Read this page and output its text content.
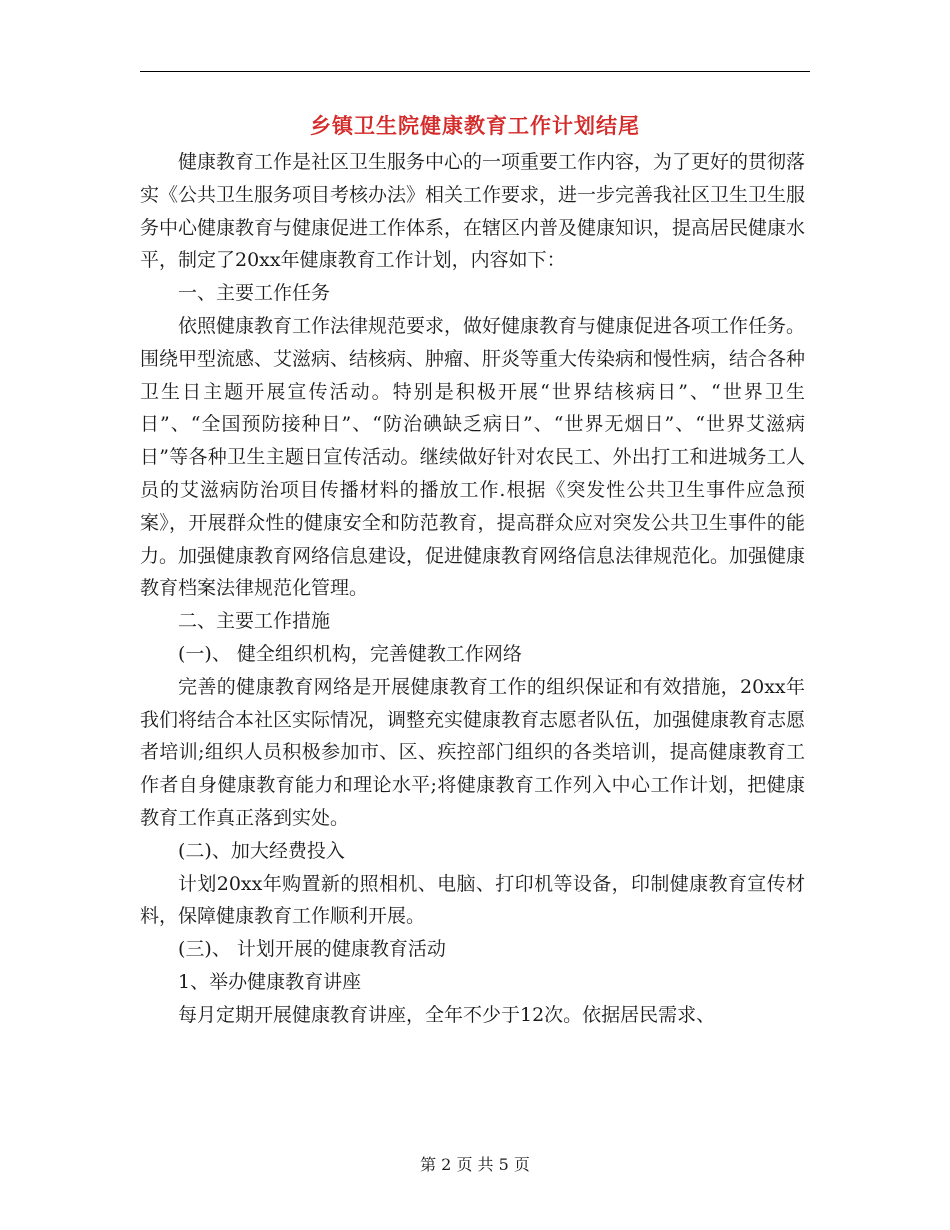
乡镇卫生院健康教育工作计划结尾

健康教育工作是社区卫生服务中心的一项重要工作内容，为了更好的贯彻落实《公共卫生服务项目考核办法》相关工作要求，进一步完善我社区卫生卫生服务中心健康教育与健康促进工作体系，在辖区内普及健康知识，提高居民健康水平，制定了20xx年健康教育工作计划，内容如下：

一、主要工作任务

依照健康教育工作法律规范要求，做好健康教育与健康促进各项工作任务。围绕甲型流感、艾滋病、结核病、肿瘤、肝炎等重大传染病和慢性病，结合各种卫生日主题开展宣传活动。特别是积极开展“世界结核病日”、“世界卫生日”、“全国预防接种日”、“防治碘缺乏病日”、“世界无烟日”、“世界艾滋病日”等各种卫生主题日宣传活动。继续做好针对农民工、外出打工和进城务工人员的艾滋病防治项目传播材料的播放工作.根据《突发性公共卫生事件应急预案》，开展群众性的健康安全和防范教育，提高群众应对突发公共卫生事件的能力。加强健康教育网络信息建设，促进健康教育网络信息法律规范化。加强健康教育档案法律规范化管理。

二、主要工作措施

(一)、 健全组织机构，完善健教工作网络

完善的健康教育网络是开展健康教育工作的组织保证和有效措施，20xx年我们将结合本社区实际情况，调整充实健康教育志愿者队伍，加强健康教育志愿者培训;组织人员积极参加市、区、疾控部门组织的各类培训，提高健康教育工作者自身健康教育能力和理论水平;将健康教育工作列入中心工作计划，把健康教育工作真正落到实处。

(二)、加大经费投入

计划20xx年购置新的照相机、电脑、打印机等设备，印制健康教育宣传材料，保障健康教育工作顺利开展。

(三)、 计划开展的健康教育活动

1、举办健康教育讲座

每月定期开展健康教育讲座，全年不少于12次。依据居民需求、

第 2 页 共 5 页
